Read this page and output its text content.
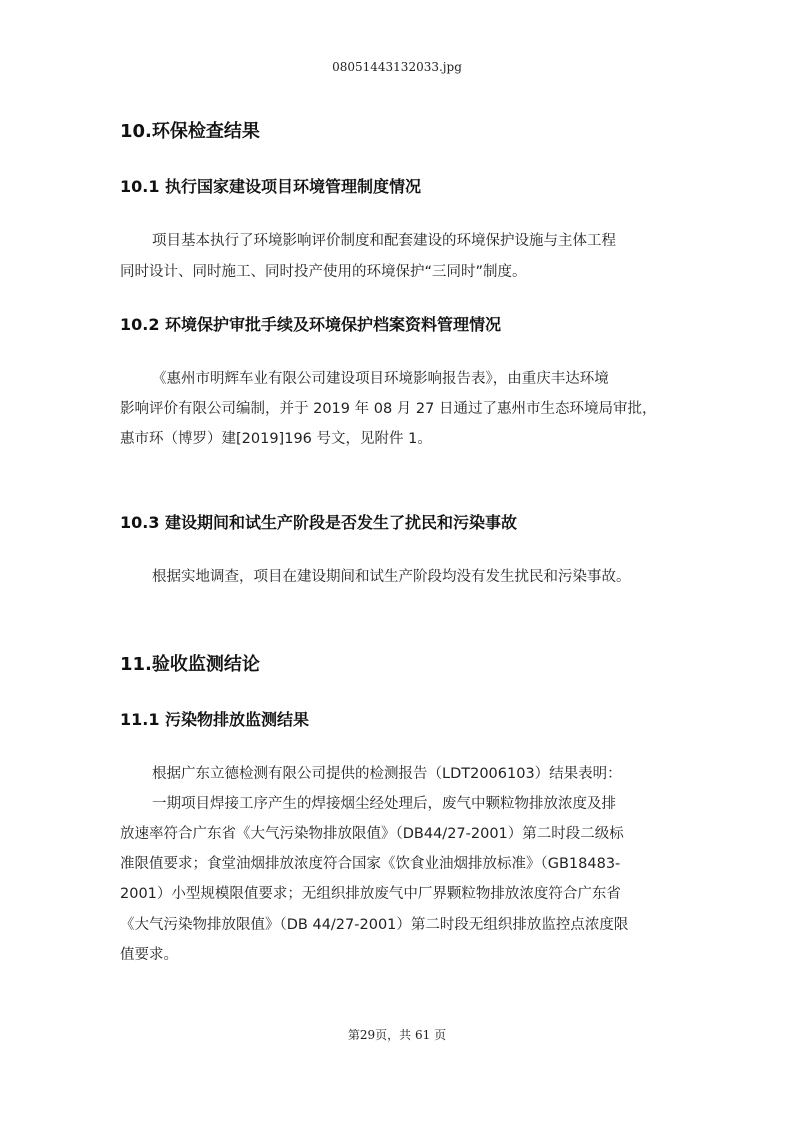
08051443132033.jpg
10.环保检查结果
10.1 执行国家建设项目环境管理制度情况
项目基本执行了环境影响评价制度和配套建设的环境保护设施与主体工程
同时设计、同时施工、同时投产使用的环境保护“三同时”制度。
10.2 环境保护审批手续及环境保护档案资料管理情况
《惠州市明辉车业有限公司建设项目环境影响报告表》，由重庆丰达环境
影响评价有限公司编制，并于 2019 年 08 月 27 日通过了惠州市生态环境局审批，
惠市环（博罗）建[2019]196 号文，见附件 1。
10.3 建设期间和试生产阶段是否发生了扰民和污染事故
根据实地调查，项目在建设期间和试生产阶段均没有发生扰民和污染事故。
11.验收监测结论
11.1 污染物排放监测结果
根据广东立德检测有限公司提供的检测报告（LDT2006103）结果表明：
一期项目焊接工序产生的焊接烟尘经处理后，废气中颗粒物排放浓度及排
放速率符合广东省《大气污染物排放限值》（DB44/27-2001）第二时段二级标
准限值要求；食堂油烟排放浓度符合国家《饮食业油烟排放标准》（GB18483-
2001）小型规模限值要求；无组织排放废气中厂界颗粒物排放浓度符合广东省
《大气污染物排放限值》（DB 44/27-2001）第二时段无组织排放监控点浓度限
值要求。
第29页，共 61 页
